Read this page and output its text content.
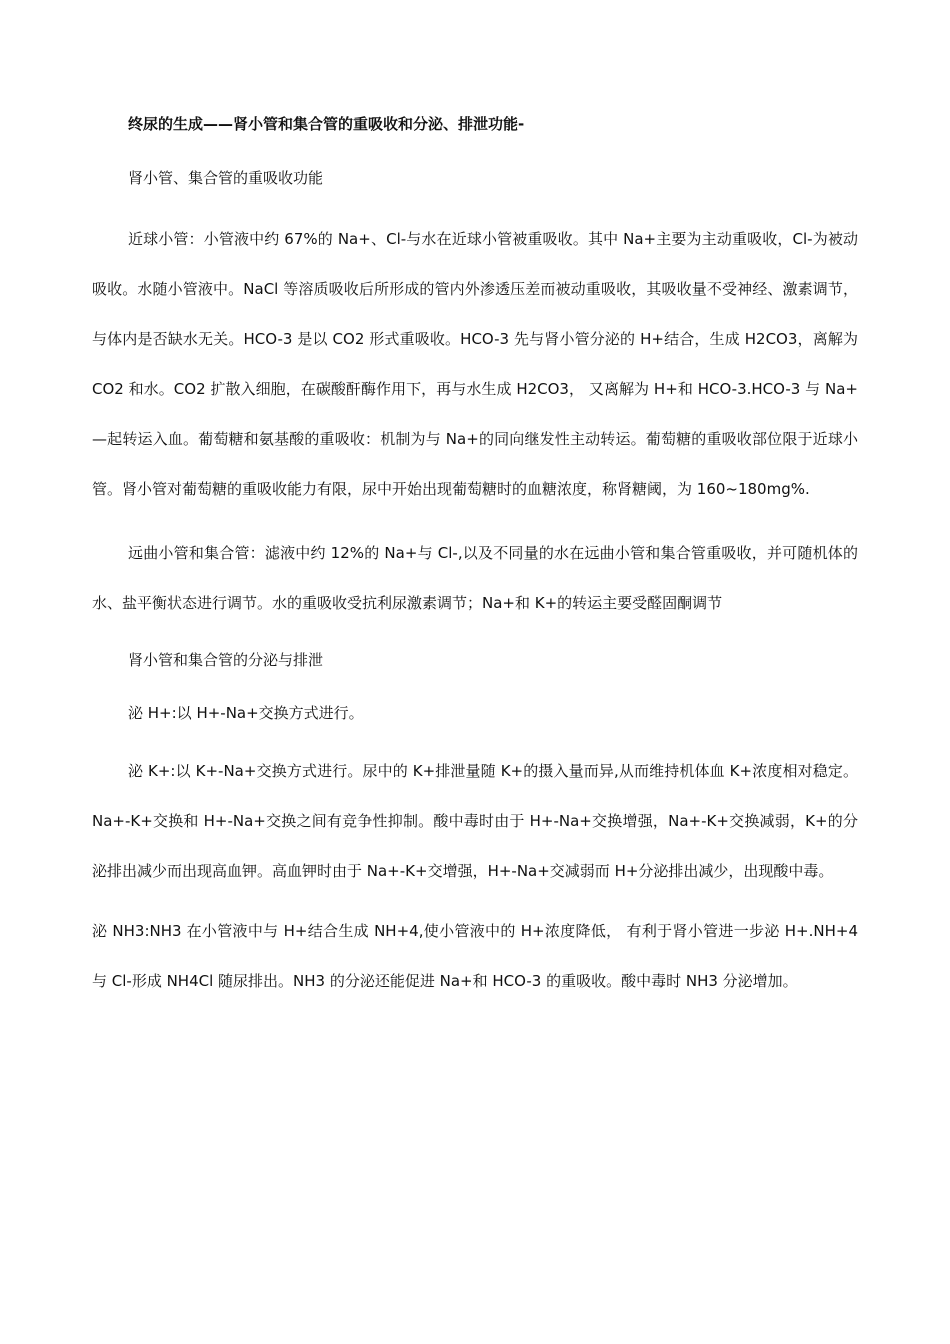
终尿的生成——肾小管和集合管的重吸收和分泌、排泄功能-

肾小管、集合管的重吸收功能

近球小管：小管液中约 67%的 Na+、Cl-与水在近球小管被重吸收。其中 Na+主要为主动重吸收，Cl-为被动吸收。水随小管液中。NaCl 等溶质吸收后所形成的管内外渗透压差而被动重吸收，其吸收量不受神经、激素调节， 与体内是否缺水无关。HCO-3 是以 CO2 形式重吸收。HCO-3 先与肾小管分泌的 H+结合，生成 H2CO3，离解为 CO2 和水。CO2 扩散入细胞，在碳酸酐酶作用下，再与水生成 H2CO3， 又离解为 H+和 HCO-3.HCO-3 与 Na+—起转运入血。葡萄糖和氨基酸的重吸收：机制为与 Na+的同向继发性主动转运。葡萄糖的重吸收部位限于近球小管。肾小管对葡萄糖的重吸收能力有限，尿中开始出现葡萄糖时的血糖浓度，称肾糖阈，为 160~180mg%.

远曲小管和集合管：滤液中约 12%的 Na+与 Cl-,以及不同量的水在远曲小管和集合管重吸收，并可随机体的水、盐平衡状态进行调节。水的重吸收受抗利尿激素调节；Na+和 K+的转运主要受醛固酮调节

肾小管和集合管的分泌与排泄

泌 H+:以 H+-Na+交换方式进行。

泌 K+:以 K+-Na+交换方式进行。尿中的 K+排泄量随 K+的摄入量而异,从而维持机体血 K+浓度相对稳定。Na+-K+交换和 H+-Na+交换之间有竞争性抑制。酸中毒时由于 H+-Na+交换增强，Na+-K+交换减弱，K+的分泌排出减少而出现高血钾。高血钾时由于 Na+-K+交增强，H+-Na+交减弱而 H+分泌排出减少，出现酸中毒。

泌 NH3:NH3 在小管液中与 H+结合生成 NH+4,使小管液中的 H+浓度降低， 有利于肾小管进一步泌 H+.NH+4 与 Cl-形成 NH4Cl 随尿排出。NH3 的分泌还能促进 Na+和 HCO-3 的重吸收。酸中毒时 NH3 分泌增加。
